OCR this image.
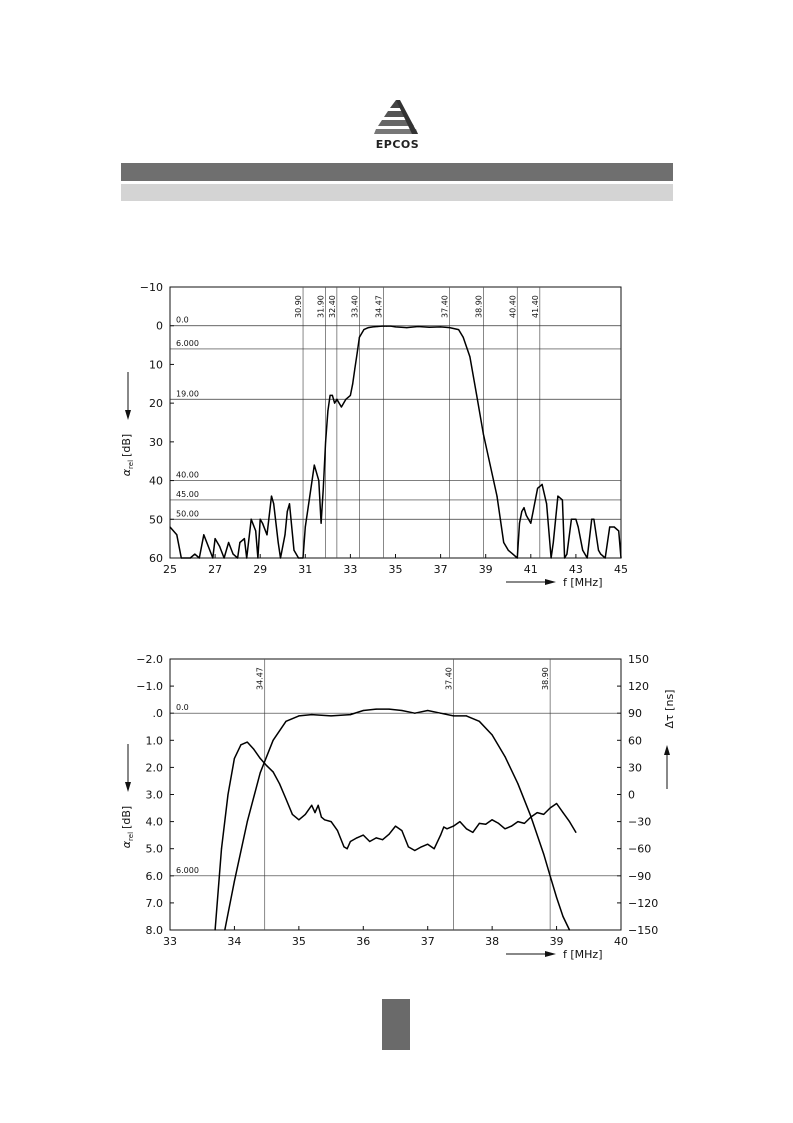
EPCOS
30.90 31.90 32.40 33.40 34.47	37.40	38.90	40.40 41.40
0.0
6.000
19.00
40.00
45.00
50.00
25	27	29	31	33	35	37	39	41	43	45
−10
0
10
20
30
40
50
60
$\alpha_{rel}[dB]$
f [MHz]
34.47	37.40	38.90
0.0
6.000
33	34	35	36	37	38	39	40
−2.0
−1.0
.0
1.0
2.0
3.0
4.0
5.0
6.0
7.0
8.0
150
120
90
60
30
0
−30
−60
−90
−120
−150
Δτ [ns]
$\alpha_{rel}[dB]$
f [MHz]
